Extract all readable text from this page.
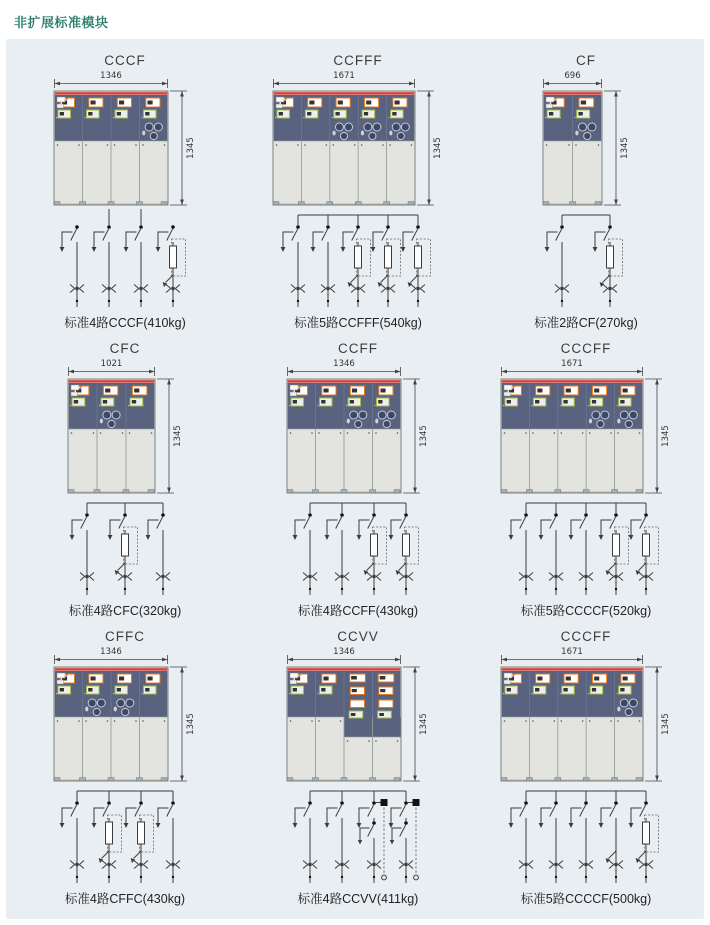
非扩展标准模块
CCCF
1346
1345
标准4路CCCF(410kg)
CCFFF
1671
1345
标准5路CCFFF(540kg)
CF
696
1345
标准2路CF(270kg)
CFC
1021
1345
标准4路CFC(320kg)
CCFF
1346
1345
标准4路CCFF(430kg)
CCCFF
1671
1345
标准5路CCCCF(520kg)
CFFC
1346
1345
标准4路CFFC(430kg)
CCVV
1346
1345
标准4路CCVV(411kg)
CCCFF
1671
1345
标准5路CCCCF(500kg)
